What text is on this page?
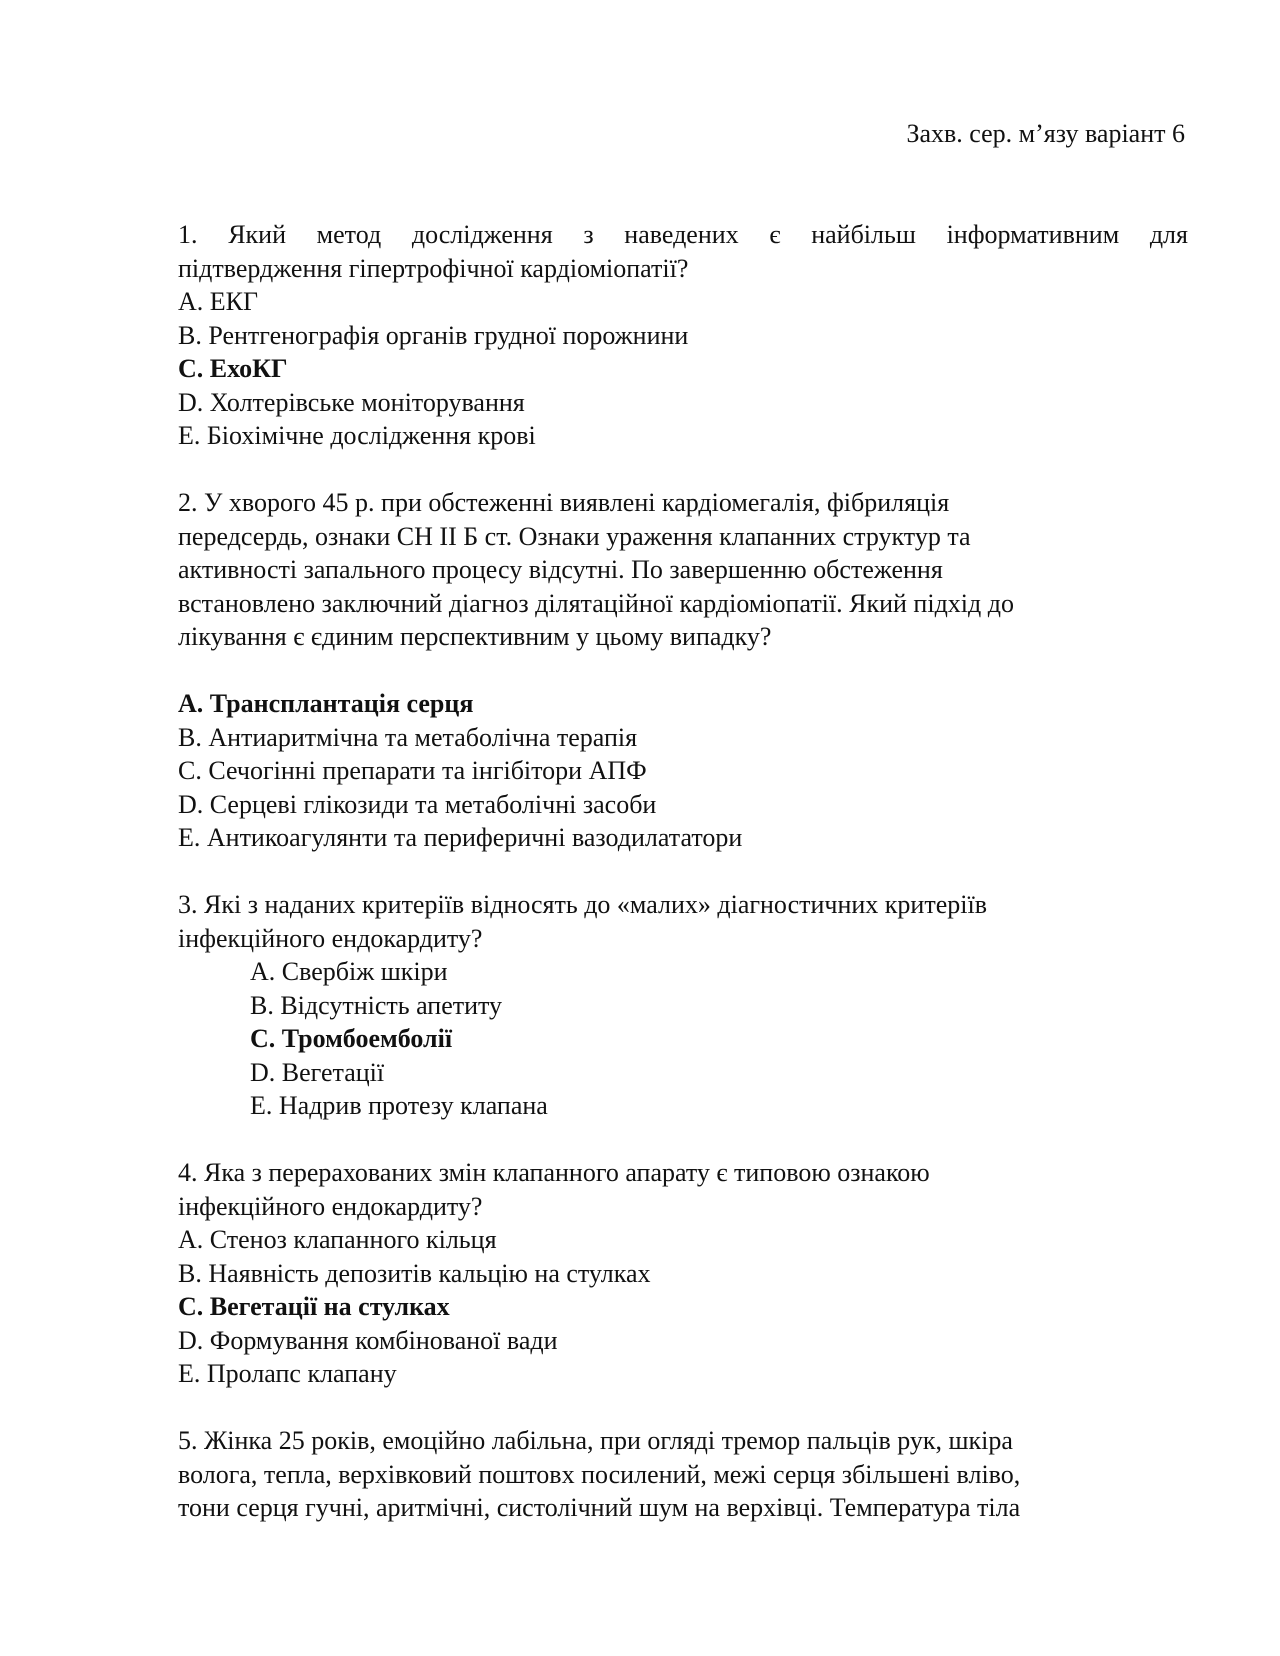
Захв. сер. м’язу варіант 6
1. Який метод дослідження з наведених є найбільш інформативним для
підтвердження гіпертрофічної кардіоміопатії?
A. ЕКГ
B. Рентгенографія органів грудної порожнини
C. ЕхоКГ
D. Холтерівське моніторування
E. Біохімічне дослідження крові
2. У хворого 45 р. при обстеженні виявлені кардіомегалія, фібриляція
передсердь, ознаки СН ІІ Б ст. Ознаки ураження клапанних структур та
активності запального процесу відсутні. По завершенню обстеження
встановлено заключний діагноз ділятаційної кардіоміопатії. Який підхід до
лікування є єдиним перспективним у цьому випадку?
A. Трансплантація серця
B. Антиаритмічна та метаболічна терапія
C. Сечогінні препарати та інгібітори АПФ
D. Серцеві глікозиди та метаболічні засоби
E. Антикоагулянти та периферичні вазодилататори
3. Які з наданих критеріїв відносять до «малих» діагностичних критеріїв
інфекційного ендокардиту?
A. Свербіж шкіри
B. Відсутність апетиту
C. Тромбоемболії
D. Вегетації
E. Надрив протезу клапана
4. Яка з перерахованих змін клапанного апарату є типовою ознакою
інфекційного ендокардиту?
A. Стеноз клапанного кільця
B. Наявність депозитів кальцію на стулках
C. Вегетації на стулках
D. Формування комбінованої вади
E. Пролапс клапану
5. Жінка 25 років, емоційно лабільна, при огляді тремор пальців рук, шкіра
волога, тепла, верхівковий поштовх посилений, межі серця збільшені вліво,
тони серця гучні, аритмічні, систолічний шум на верхівці. Температура тіла
